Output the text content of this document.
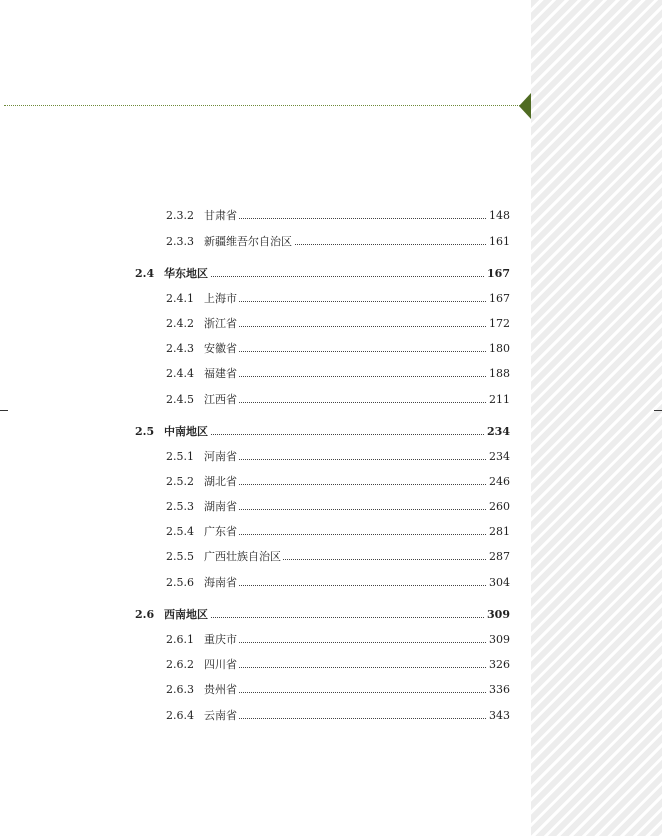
2.3.2 甘肃省	148
2.3.3 新疆维吾尔自治区	161
2.4 华东地区	167
2.4.1 上海市	167
2.4.2 浙江省	172
2.4.3 安徽省	180
2.4.4 福建省	188
2.4.5 江西省	211
2.5 中南地区	234
2.5.1 河南省	234
2.5.2 湖北省	246
2.5.3 湖南省	260
2.5.4 广东省	281
2.5.5 广西壮族自治区	287
2.5.6 海南省	304
2.6 西南地区	309
2.6.1 重庆市	309
2.6.2 四川省	326
2.6.3 贵州省	336
2.6.4 云南省	343
